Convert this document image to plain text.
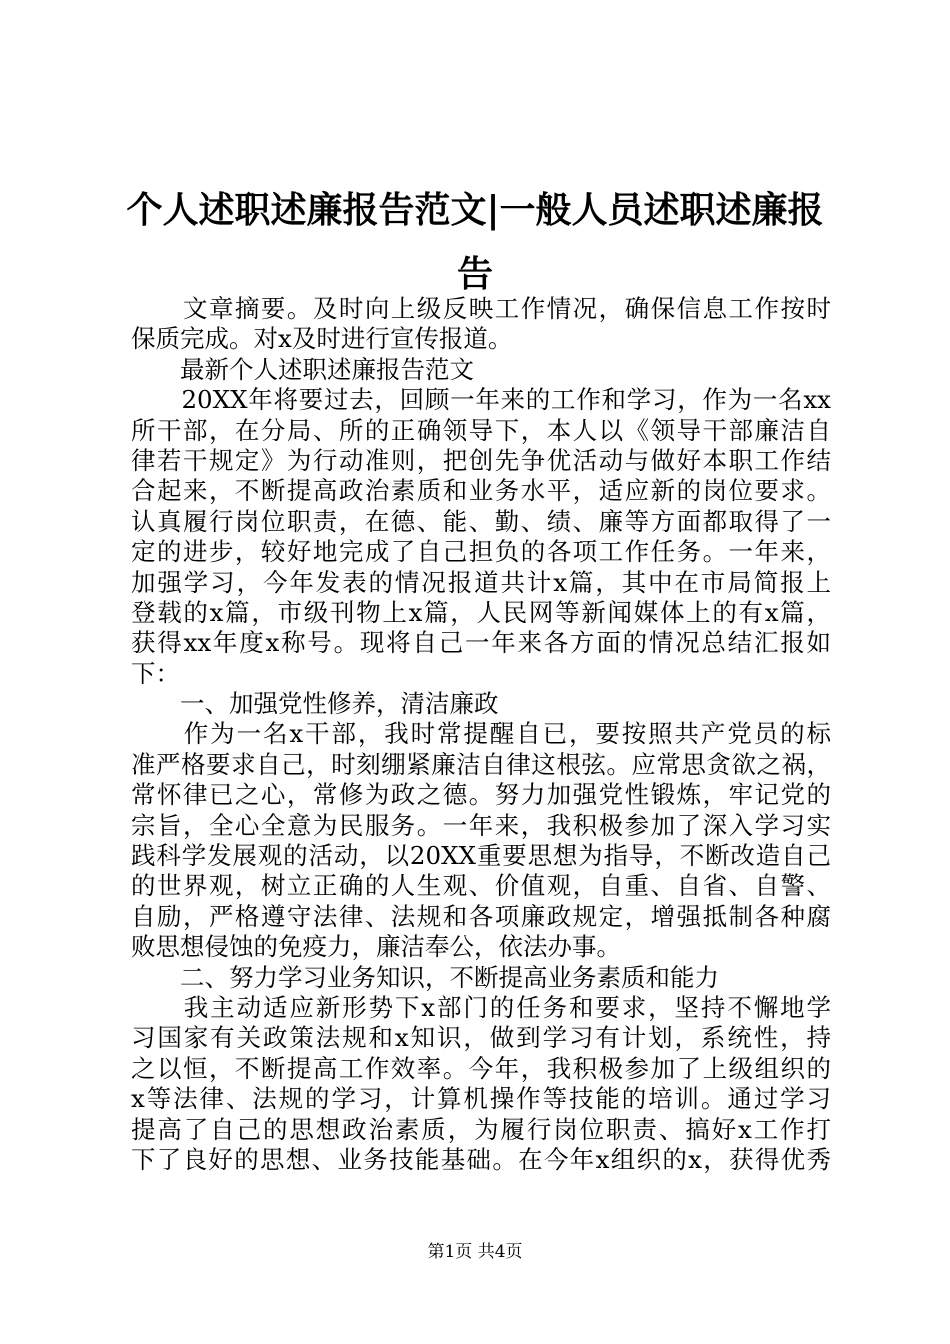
个人述职述廉报告范文|一般人员述职述廉报
告
　　文章摘要。及时向上级反映工作情况，确保信息工作按时
保质完成。对x及时进行宣传报道。
　　最新个人述职述廉报告范文
　　20XX年将要过去，回顾一年来的工作和学习，作为一名xx
所干部，在分局、所的正确领导下，本人以《领导干部廉洁自
律若干规定》为行动准则，把创先争优活动与做好本职工作结
合起来，不断提高政治素质和业务水平，适应新的岗位要求。
认真履行岗位职责，在德、能、勤、绩、廉等方面都取得了一
定的进步，较好地完成了自己担负的各项工作任务。一年来，
加强学习，今年发表的情况报道共计x篇，其中在市局简报上
登载的x篇，市级刊物上x篇，人民网等新闻媒体上的有x篇，
获得xx年度x称号。现将自己一年来各方面的情况总结汇报如
下：
　　一、加强党性修养，清洁廉政
　　作为一名x干部，我时常提醒自已，要按照共产党员的标
准严格要求自己，时刻绷紧廉洁自律这根弦。应常思贪欲之祸，
常怀律已之心，常修为政之德。努力加强党性锻炼，牢记党的
宗旨，全心全意为民服务。一年来，我积极参加了深入学习实
践科学发展观的活动，以20XX重要思想为指导，不断改造自己
的世界观，树立正确的人生观、价值观，自重、自省、自警、
自励，严格遵守法律、法规和各项廉政规定，增强抵制各种腐
败思想侵蚀的免疫力，廉洁奉公，依法办事。
　　二、努力学习业务知识，不断提高业务素质和能力
　　我主动适应新形势下x部门的任务和要求，坚持不懈地学
习国家有关政策法规和x知识，做到学习有计划，系统性，持
之以恒，不断提高工作效率。今年，我积极参加了上级组织的
x等法律、法规的学习，计算机操作等技能的培训。通过学习
提高了自己的思想政治素质，为履行岗位职责、搞好x工作打
下了良好的思想、业务技能基础。在今年x组织的x，获得优秀
第1页 共4页
